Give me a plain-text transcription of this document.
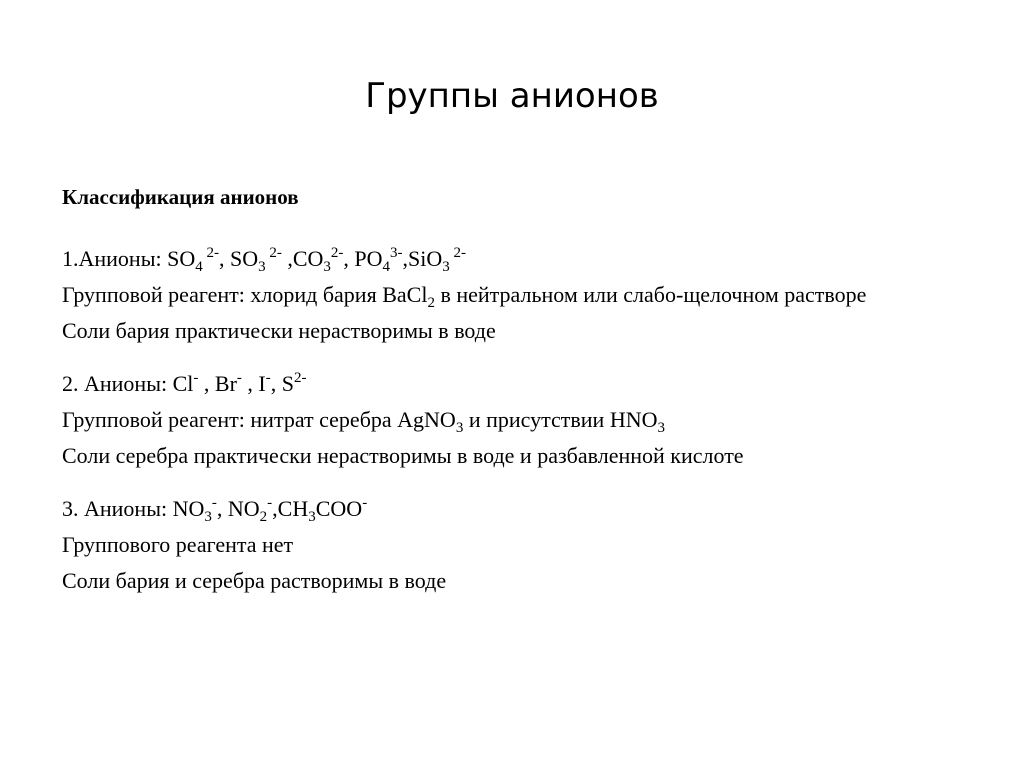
Группы анионов
Классификация анионов
1.Анионы: $SO_4$ $^{2-}$, $SO_3$ $^{2-}$ $,CO_3^{2-}$, $PO_4^{3-},SiO_3$ $^{2-}$
Групповой реагент: хлорид бария BaCl$_2$ в нейтральном или слабо-щелочном растворе
Соли бария практически нерастворимы в воде
2. Анионы: Cl- , Вr- , I-, $S^{2-}$
Групповой реагент: нитрат серебра AgNO$_3$ и присутствии $HNO_3$
Соли серебра практически нерастворимы в воде и разбавленной кислоте
3. Анионы: $NO_3^-$, $NO_2^-,CH_3COO^-$
Группового реагента нет
Соли бария и серебра растворимы в воде
